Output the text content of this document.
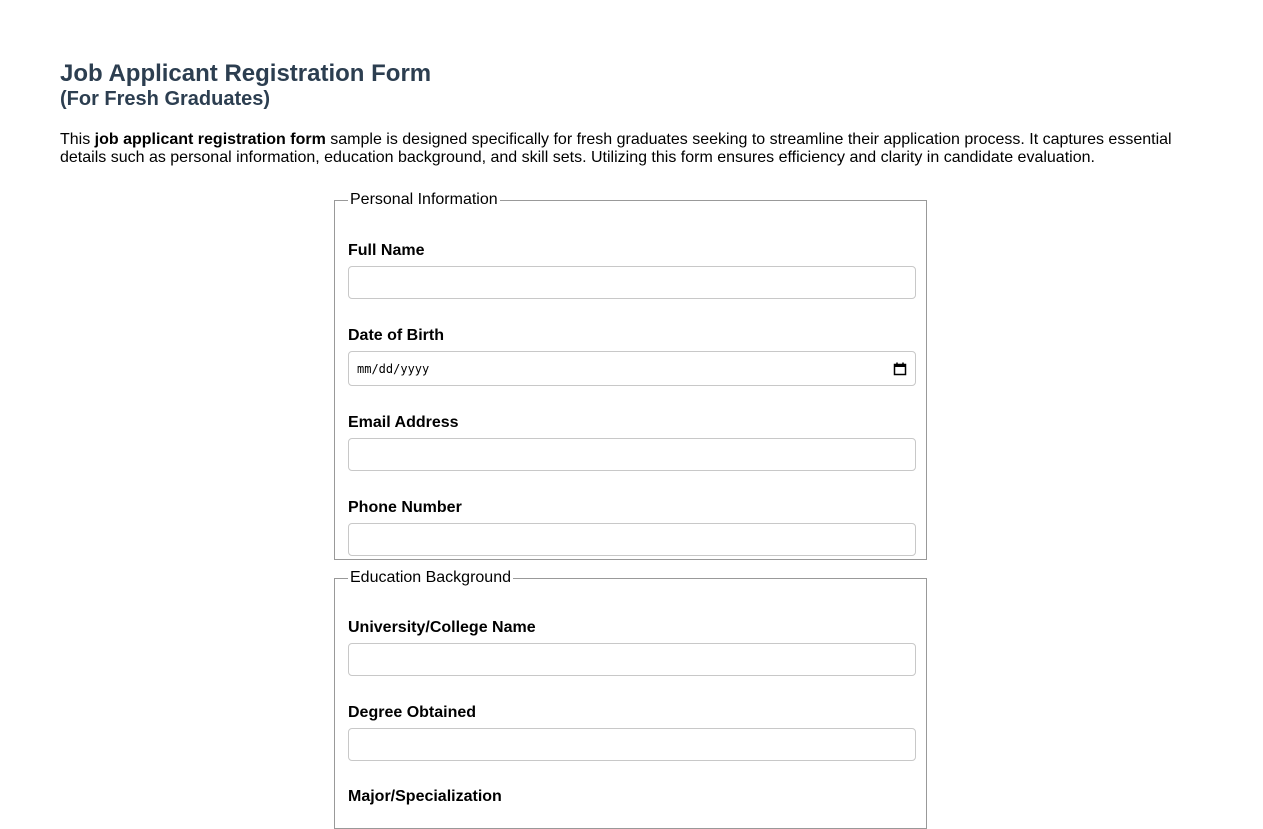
Job Applicant Registration Form
(For Fresh Graduates)

This job applicant registration form sample is designed specifically for fresh graduates seeking to streamline their application process. It captures essential details such as personal information, education background, and skill sets. Utilizing this form ensures efficiency and clarity in candidate evaluation.

Personal Information
Full Name
Date of Birth
mm/dd/yyyy
Email Address
Phone Number
Education Background
University/College Name
Degree Obtained
Major/Specialization
